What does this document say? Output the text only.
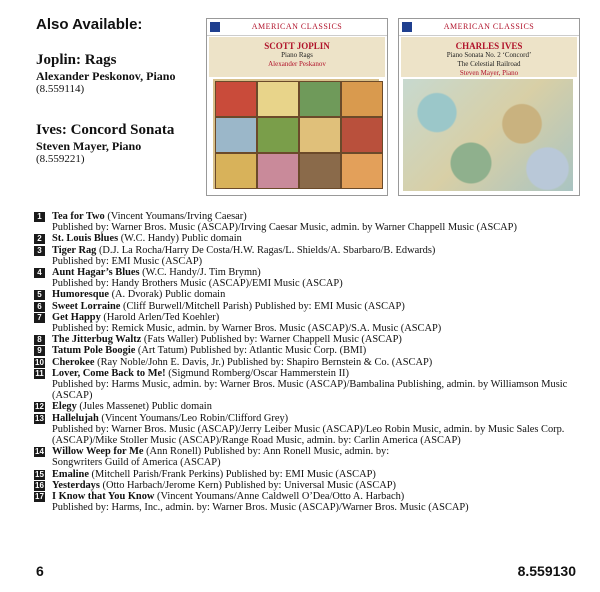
Also Available:
Joplin: Rags
Alexander Peskonov, Piano
(8.559114)
Ives: Concord Sonata
Steven Mayer, Piano
(8.559221)
AMERICAN CLASSICS
SCOTT JOPLIN
Piano Rags
Alexander Peskanov
AMERICAN CLASSICS
CHARLES IVES
Piano Sonata No. 2 ‘Concord’
The Celestial Railroad
Steven Mayer, Piano
1 Tea for Two (Vincent Youmans/Irving Caesar)
Published by: Warner Bros. Music (ASCAP)/Irving Caesar Music, admin. by Warner Chappell Music (ASCAP)
2 St. Louis Blues (W.C. Handy) Public domain
3 Tiger Rag (D.J. La Rocha/Harry De Costa/H.W. Ragas/L. Shields/A. Sbarbaro/B. Edwards)
Published by: EMI Music (ASCAP)
4 Aunt Hagar’s Blues (W.C. Handy/J. Tim Brymn)
Published by: Handy Brothers Music (ASCAP)/EMI Music (ASCAP)
5 Humoresque (A. Dvorak) Public domain
6 Sweet Lorraine (Cliff Burwell/Mitchell Parish) Published by: EMI Music (ASCAP)
7 Get Happy (Harold Arlen/Ted Koehler)
Published by: Remick Music, admin. by Warner Bros. Music (ASCAP)/S.A. Music (ASCAP)
8 The Jitterbug Waltz (Fats Waller) Published by: Warner Chappell Music (ASCAP)
9 Tatum Pole Boogie (Art Tatum) Published by: Atlantic Music Corp. (BMI)
10 Cherokee (Ray Noble/John E. Davis, Jr.) Published by: Shapiro Bernstein & Co. (ASCAP)
11 Lover, Come Back to Me! (Sigmund Romberg/Oscar Hammerstein II)
Published by: Harms Music, admin. by: Warner Bros. Music (ASCAP)/Bambalina Publishing, admin. by Williamson Music (ASCAP)
12 Elegy (Jules Massenet) Public domain
13 Hallelujah (Vincent Youmans/Leo Robin/Clifford Grey)
Published by: Warner Bros. Music (ASCAP)/Jerry Leiber Music (ASCAP)/Leo Robin Music, admin. by Music Sales Corp. (ASCAP)/Mike Stoller Music (ASCAP)/Range Road Music, admin. by: Carlin America (ASCAP)
14 Willow Weep for Me (Ann Ronell) Published by: Ann Ronell Music, admin. by:
Songwriters Guild of America (ASCAP)
15 Emaline (Mitchell Parish/Frank Perkins) Published by: EMI Music (ASCAP)
16 Yesterdays (Otto Harbach/Jerome Kern) Published by: Universal Music (ASCAP)
17 I Know that You Know (Vincent Youmans/Anne Caldwell O’Dea/Otto A. Harbach)
Published by: Harms, Inc., admin. by: Warner Bros. Music (ASCAP)/Warner Bros. Music (ASCAP)
6	8.559130
